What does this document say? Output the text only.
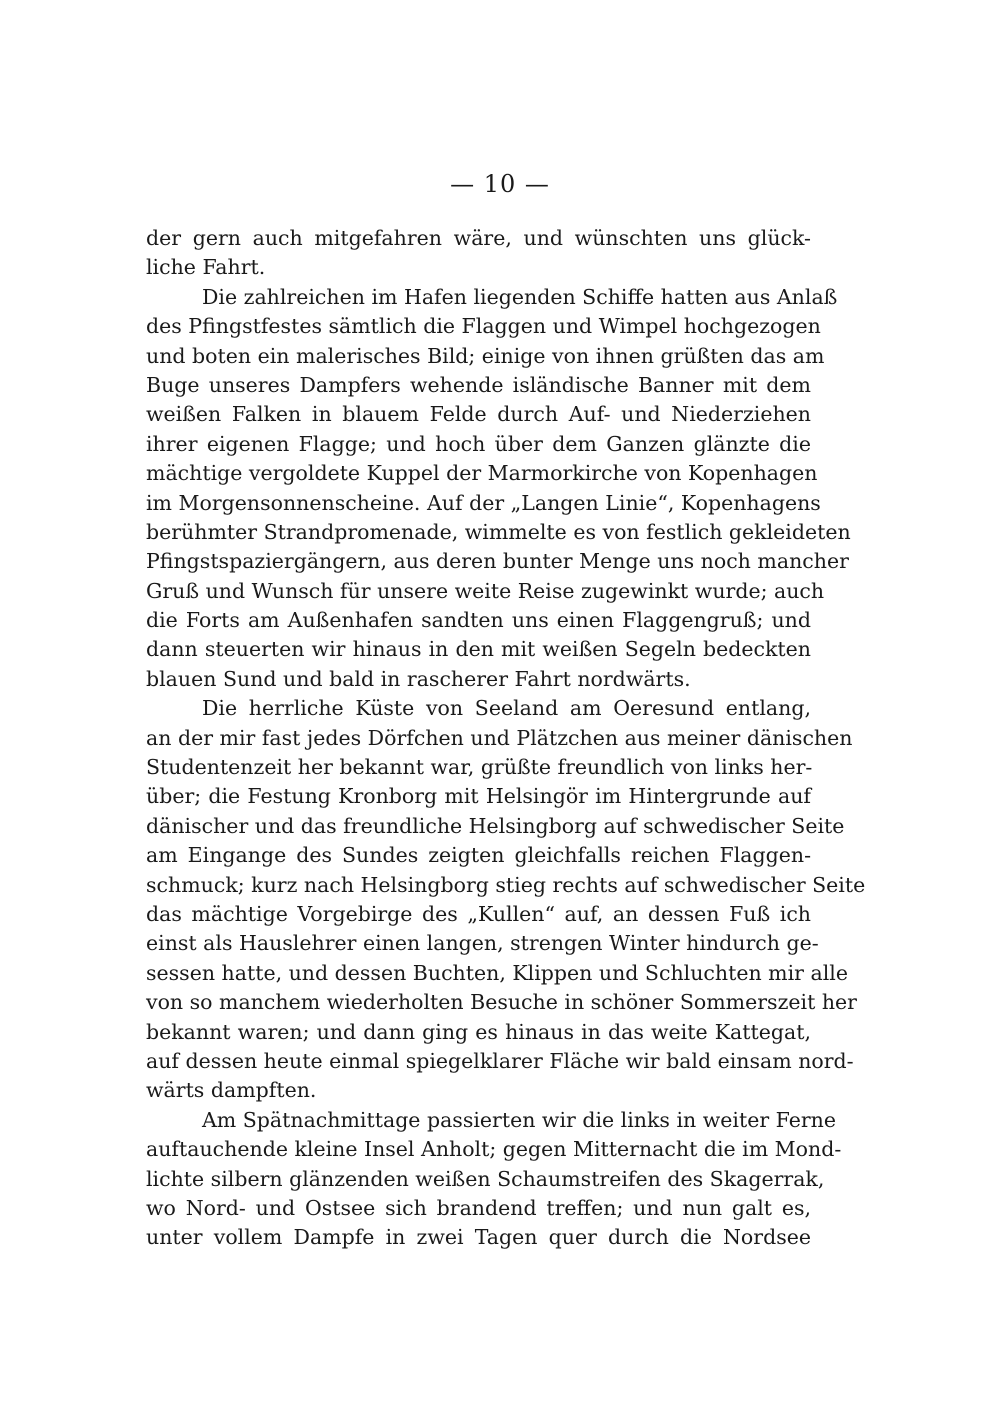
— 10 —
der gern auch mitgefahren wäre, und wünschten uns glück-
liche Fahrt.
Die zahlreichen im Hafen liegenden Schiffe hatten aus Anlaß
des Pfingstfestes sämtlich die Flaggen und Wimpel hochgezogen
und boten ein malerisches Bild; einige von ihnen grüßten das am
Buge unseres Dampfers wehende isländische Banner mit dem
weißen Falken in blauem Felde durch Auf- und Niederziehen
ihrer eigenen Flagge; und hoch über dem Ganzen glänzte die
mächtige vergoldete Kuppel der Marmorkirche von Kopenhagen
im Morgensonnenscheine. Auf der „Langen Linie“, Kopenhagens
berühmter Strandpromenade, wimmelte es von festlich gekleideten
Pfingstspaziergängern, aus deren bunter Menge uns noch mancher
Gruß und Wunsch für unsere weite Reise zugewinkt wurde; auch
die Forts am Außenhafen sandten uns einen Flaggengruß; und
dann steuerten wir hinaus in den mit weißen Segeln bedeckten
blauen Sund und bald in rascherer Fahrt nordwärts.
Die herrliche Küste von Seeland am Oeresund entlang,
an der mir fast jedes Dörfchen und Plätzchen aus meiner dänischen
Studentenzeit her bekannt war, grüßte freundlich von links her-
über; die Festung Kronborg mit Helsingör im Hintergrunde auf
dänischer und das freundliche Helsingborg auf schwedischer Seite
am Eingange des Sundes zeigten gleichfalls reichen Flaggen-
schmuck; kurz nach Helsingborg stieg rechts auf schwedischer Seite
das mächtige Vorgebirge des „Kullen“ auf, an dessen Fuß ich
einst als Hauslehrer einen langen, strengen Winter hindurch ge-
sessen hatte, und dessen Buchten, Klippen und Schluchten mir alle
von so manchem wiederholten Besuche in schöner Sommerszeit her
bekannt waren; und dann ging es hinaus in das weite Kattegat,
auf dessen heute einmal spiegelklarer Fläche wir bald einsam nord-
wärts dampften.
Am Spätnachmittage passierten wir die links in weiter Ferne
auftauchende kleine Insel Anholt; gegen Mitternacht die im Mond-
lichte silbern glänzenden weißen Schaumstreifen des Skagerrak,
wo Nord- und Ostsee sich brandend treffen; und nun galt es,
unter vollem Dampfe in zwei Tagen quer durch die Nordsee
